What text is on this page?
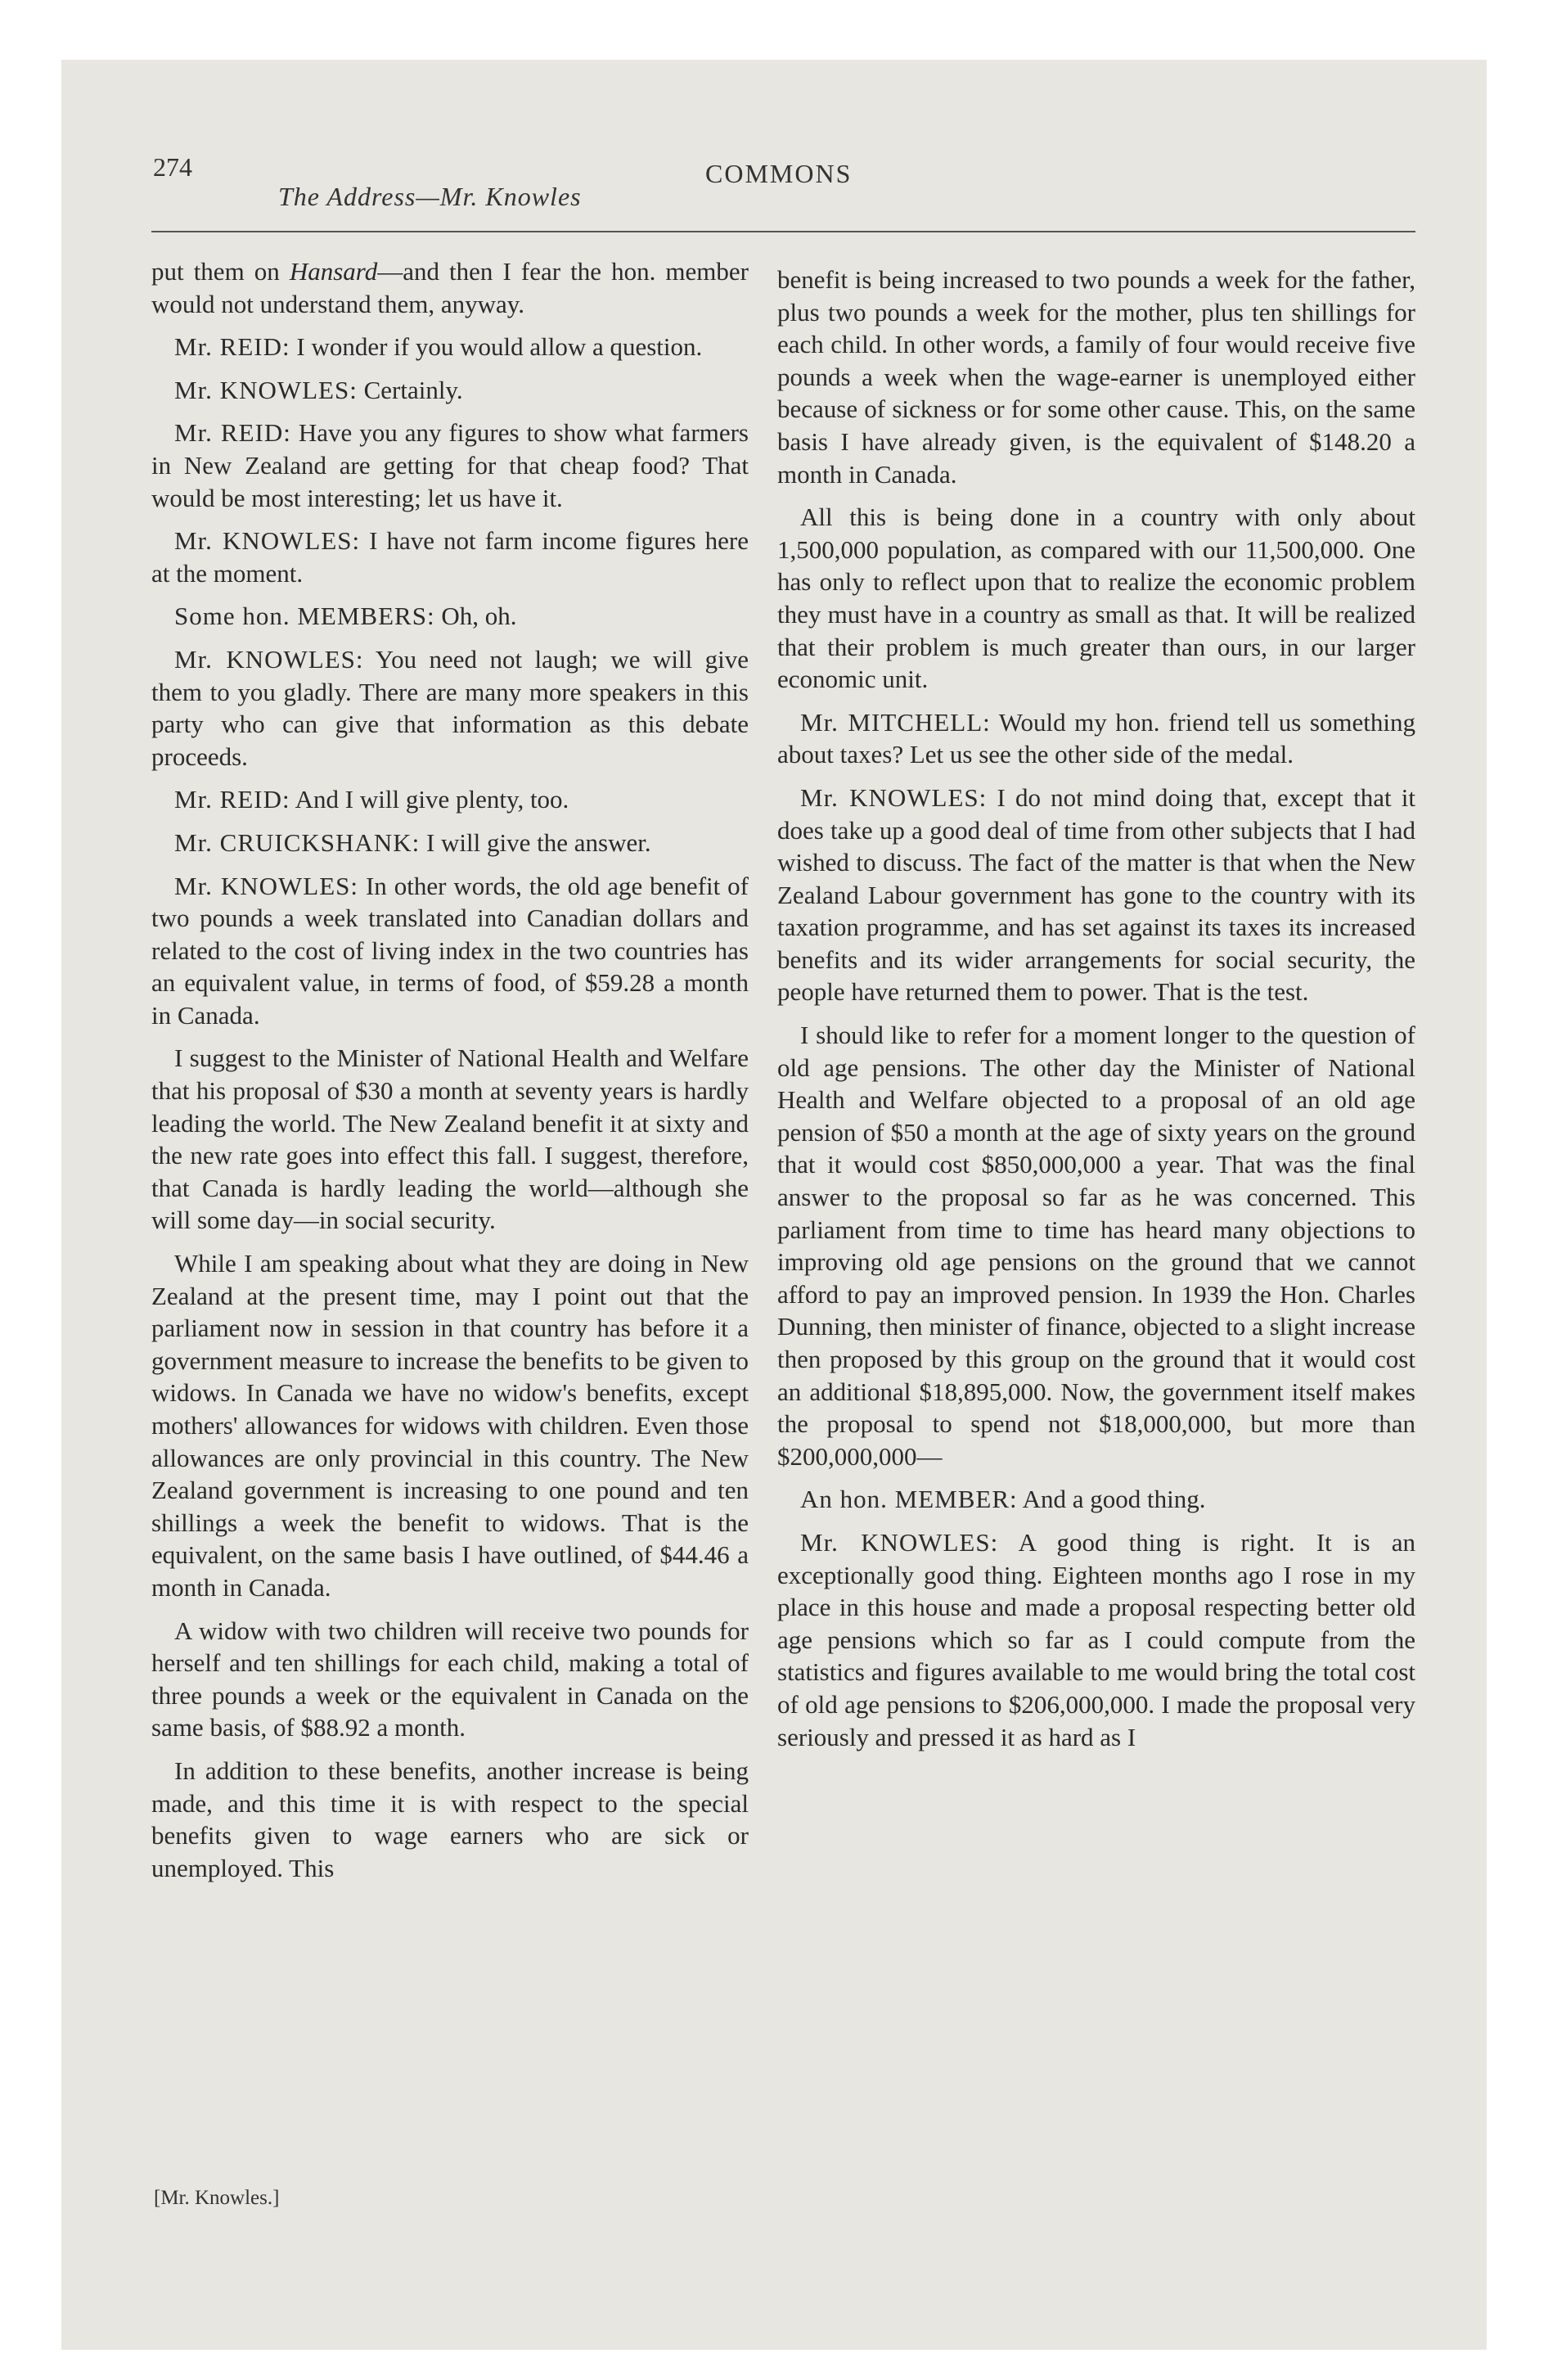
274	COMMONS
The Address—Mr. Knowles

put them on Hansard—and then I fear the hon. member would not understand them, anyway.

Mr. REID: I wonder if you would allow a question.

Mr. KNOWLES: Certainly.

Mr. REID: Have you any figures to show what farmers in New Zealand are getting for that cheap food? That would be most interesting; let us have it.

Mr. KNOWLES: I have not farm income figures here at the moment.

Some hon. MEMBERS: Oh, oh.

Mr. KNOWLES: You need not laugh; we will give them to you gladly. There are many more speakers in this party who can give that information as this debate proceeds.

Mr. REID: And I will give plenty, too.

Mr. CRUICKSHANK: I will give the answer.

Mr. KNOWLES: In other words, the old age benefit of two pounds a week translated into Canadian dollars and related to the cost of living index in the two countries has an equivalent value, in terms of food, of $59.28 a month in Canada.

I suggest to the Minister of National Health and Welfare that his proposal of $30 a month at seventy years is hardly leading the world. The New Zealand benefit it at sixty and the new rate goes into effect this fall. I suggest, therefore, that Canada is hardly leading the world—although she will some day—in social security.

While I am speaking about what they are doing in New Zealand at the present time, may I point out that the parliament now in session in that country has before it a government measure to increase the benefits to be given to widows. In Canada we have no widow's benefits, except mothers' allowances for widows with children. Even those allowances are only provincial in this country. The New Zealand government is increasing to one pound and ten shillings a week the benefit to widows. That is the equivalent, on the same basis I have outlined, of $44.46 a month in Canada.

A widow with two children will receive two pounds for herself and ten shillings for each child, making a total of three pounds a week or the equivalent in Canada on the same basis, of $88.92 a month.

In addition to these benefits, another increase is being made, and this time it is with respect to the special benefits given to wage earners who are sick or unemployed. This

benefit is being increased to two pounds a week for the father, plus two pounds a week for the mother, plus ten shillings for each child. In other words, a family of four would receive five pounds a week when the wage-earner is unemployed either because of sickness or for some other cause. This, on the same basis I have already given, is the equivalent of $148.20 a month in Canada.

All this is being done in a country with only about 1,500,000 population, as compared with our 11,500,000. One has only to reflect upon that to realize the economic problem they must have in a country as small as that. It will be realized that their problem is much greater than ours, in our larger economic unit.

Mr. MITCHELL: Would my hon. friend tell us something about taxes? Let us see the other side of the medal.

Mr. KNOWLES: I do not mind doing that, except that it does take up a good deal of time from other subjects that I had wished to discuss. The fact of the matter is that when the New Zealand Labour government has gone to the country with its taxation programme, and has set against its taxes its increased benefits and its wider arrangements for social security, the people have returned them to power. That is the test.

I should like to refer for a moment longer to the question of old age pensions. The other day the Minister of National Health and Welfare objected to a proposal of an old age pension of $50 a month at the age of sixty years on the ground that it would cost $850,000,000 a year. That was the final answer to the proposal so far as he was concerned. This parliament from time to time has heard many objections to improving old age pensions on the ground that we cannot afford to pay an improved pension. In 1939 the Hon. Charles Dunning, then minister of finance, objected to a slight increase then proposed by this group on the ground that it would cost an additional $18,895,000. Now, the government itself makes the proposal to spend not $18,000,000, but more than $200,000,000—

An hon. MEMBER: And a good thing.

Mr. KNOWLES: A good thing is right. It is an exceptionally good thing. Eighteen months ago I rose in my place in this house and made a proposal respecting better old age pensions which so far as I could compute from the statistics and figures available to me would bring the total cost of old age pensions to $206,000,000. I made the proposal very seriously and pressed it as hard as I

[Mr. Knowles.]
